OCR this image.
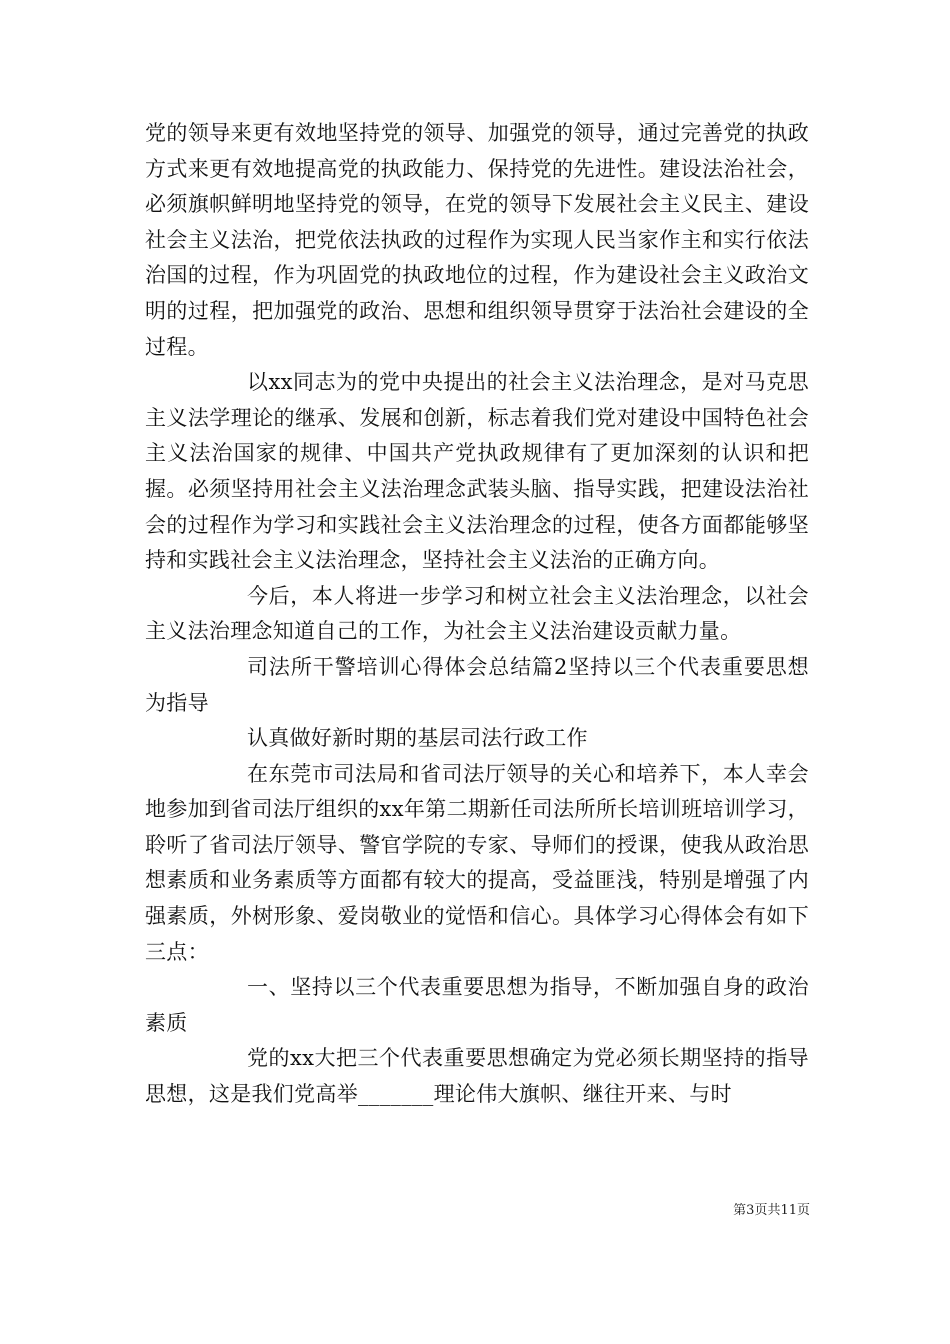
党的领导来更有效地坚持党的领导、加强党的领导，通过完善党的执政方式来更有效地提高党的执政能力、保持党的先进性。建设法治社会，必须旗帜鲜明地坚持党的领导，在党的领导下发展社会主义民主、建设社会主义法治，把党依法执政的过程作为实现人民当家作主和实行依法治国的过程，作为巩固党的执政地位的过程，作为建设社会主义政治文明的过程，把加强党的政治、思想和组织领导贯穿于法治社会建设的全过程。

以xx同志为的党中央提出的社会主义法治理念，是对马克思主义法学理论的继承、发展和创新，标志着我们党对建设中国特色社会主义法治国家的规律、中国共产党执政规律有了更加深刻的认识和把握。必须坚持用社会主义法治理念武装头脑、指导实践，把建设法治社会的过程作为学习和实践社会主义法治理念的过程，使各方面都能够坚持和实践社会主义法治理念，坚持社会主义法治的正确方向。

今后，本人将进一步学习和树立社会主义法治理念，以社会主义法治理念知道自己的工作，为社会主义法治建设贡献力量。

司法所干警培训心得体会总结篇2坚持以三个代表重要思想为指导

认真做好新时期的基层司法行政工作

在东莞市司法局和省司法厅领导的关心和培养下，本人幸会地参加到省司法厅组织的xx年第二期新任司法所所长培训班培训学习，聆听了省司法厅领导、警官学院的专家、导师们的授课，使我从政治思想素质和业务素质等方面都有较大的提高，受益匪浅，特别是增强了内强素质，外树形象、爱岗敬业的觉悟和信心。具体学习心得体会有如下三点：

一、坚持以三个代表重要思想为指导，不断加强自身的政治素质

党的xx大把三个代表重要思想确定为党必须长期坚持的指导思想，这是我们党高举_______理论伟大旗帜、继往开来、与时

第3页共11页
